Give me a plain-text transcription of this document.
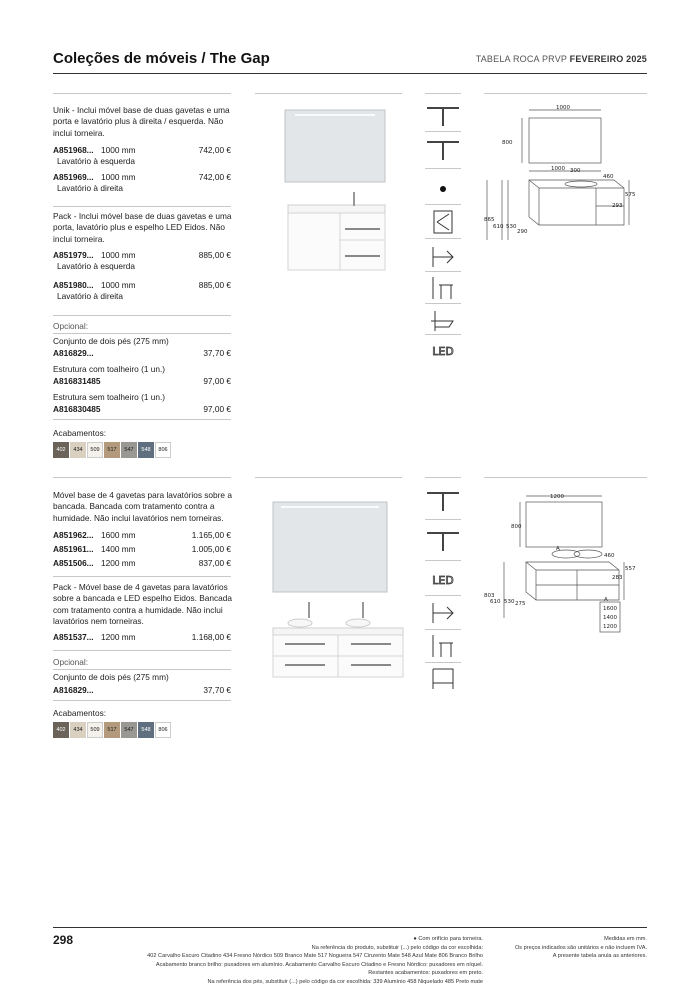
Coleções de móveis / The Gap	TABELA ROCA PRVP FEVEREIRO 2025
Unik - Inclui móvel base de duas gavetas e uma porta e lavatório plus à direita / esquerda. Não inclui torneira.
A851968... 1000 mm	742,00 €
Lavatório à esquerda
A851969... 1000 mm	742,00 €
Lavatório à direita
Pack - Inclui móvel base de duas gavetas e uma porta, lavatório plus e espelho LED Eidos. Não inclui torneira.
A851979... 1000 mm	885,00 €
Lavatório à esquerda
A851980... 1000 mm	885,00 €
Lavatório à direita
Opcional:
Conjunto de dois pés (275 mm)
A816829...	37,70 €
Estrutura com toalheiro (1 un.)
A816831485	97,00 €
Estrutura sem toalheiro (1 un.)
A816830485	97,00 €
Acabamentos:
402 434 509 517 547 548 806
LED
1000
800
1000 300
460
575
293
865
610 530
290
Móvel base de 4 gavetas para lavatórios sobre a bancada. Bancada com tratamento contra a humidade. Não inclui lavatórios nem torneiras.
A851962... 1600 mm	1.165,00 €
A851961... 1400 mm	1.005,00 €
A851506... 1200 mm	837,00 €
Pack - Móvel base de 4 gavetas para lavatórios sobre a bancada e LED espelho Eidos. Bancada com tratamento contra a humidade. Não inclui lavatórios nem torneiras.
A851537... 1200 mm	1.168,00 €
Opcional:
Conjunto de dois pés (275 mm)
A816829...	37,70 €
Acabamentos:
402 434 509 517 547 548 806
LED
1200
800
A
460
557
283
803
610 530 275
A
1600
1400
1200
298	● Com orifício para torneira.
Na referência do produto, substituir (...) pelo código da cor escolhida:
402 Carvalho Escuro Citadino 434 Fresno Nórdico 509 Branco Mate 517 Nogueira 547 Cinzento Mate 548 Azul Mate 806 Branco Brilho
Acabamento branco brilho: puxadores em alumínio. Acabamento Carvalho Escuro Citadino e Fresno Nórdico: puxadores em níquel.
Restantes acabamentos: puxadores em preto.
Na referência dos pés, substituir (...) pelo código da cor escolhida: 339 Alumínio 458 Niquelado 485 Preto mate
Medidas em mm.
Os preços indicados são unitários e não incluem IVA.
A presente tabela anula as anteriores.
